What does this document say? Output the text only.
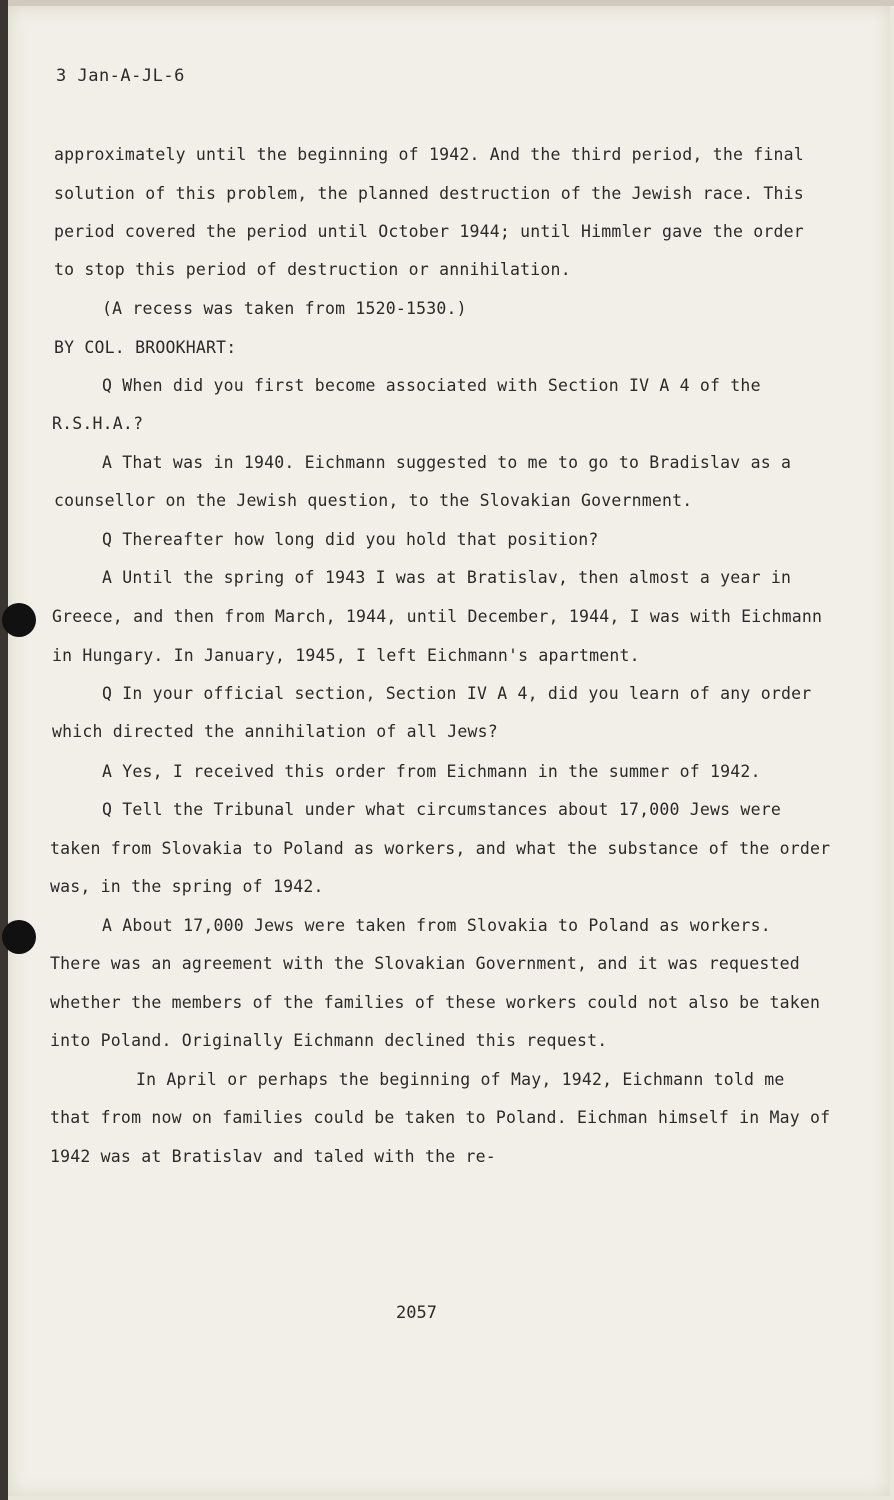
3 Jan-A-JL-6
approximately until the beginning of 1942. And the third period, the final
solution of this problem, the planned destruction of the Jewish race. This
period covered the period until October 1944; until Himmler gave the order
to stop this period of destruction or annihilation.
(A recess was taken from 1520-1530.)
BY COL. BROOKHART:
Q When did you first become associated with Section IV A 4 of the
R.S.H.A.?
A That was in 1940. Eichmann suggested to me to go to Bradislav as a
counsellor on the Jewish question, to the Slovakian Government.
Q Thereafter how long did you hold that position?
A Until the spring of 1943 I was at Bratislav, then almost a year in
Greece, and then from March, 1944, until December, 1944, I was with Eichmann
in Hungary. In January, 1945, I left Eichmann's apartment.
Q In your official section, Section IV A 4, did you learn of any order
which directed the annihilation of all Jews?
A Yes, I received this order from Eichmann in the summer of 1942.
Q Tell the Tribunal under what circumstances about 17,000 Jews were
taken from Slovakia to Poland as workers, and what the substance of the order
was, in the spring of 1942.
A About 17,000 Jews were taken from Slovakia to Poland as workers.
There was an agreement with the Slovakian Government, and it was requested
whether the members of the families of these workers could not also be taken
into Poland. Originally Eichmann declined this request.
In April or perhaps the beginning of May, 1942, Eichmann told me
that from now on families could be taken to Poland. Eichman himself in May of
1942 was at Bratislav and taled with the re-
2057
